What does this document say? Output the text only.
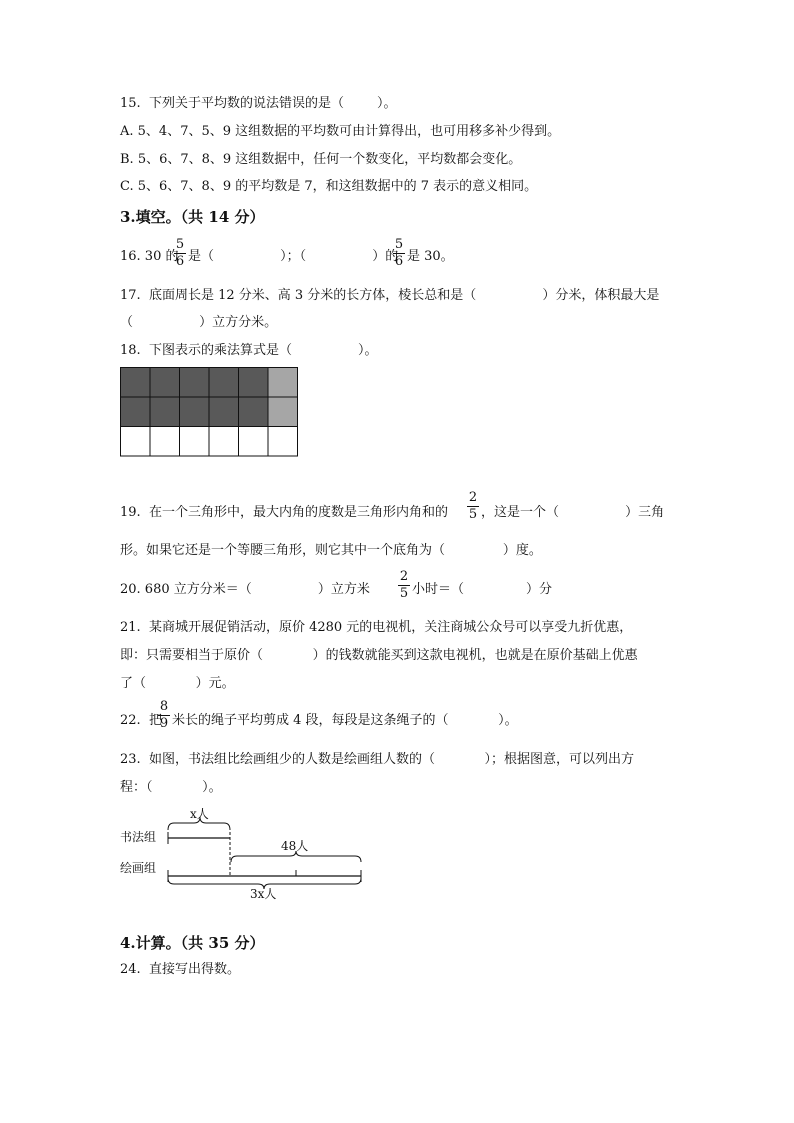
15.  下列关于平均数的说法错误的是（        ）。
A. 5、4、7、5、9 这组数据的平均数可由计算得出，也可用移多补少得到。
B. 5、6、7、8、9 这组数据中，任何一个数变化，平均数都会变化。
C. 5、6、7、8、9 的平均数是 7，和这组数据中的 7 表示的意义相同。
3.填空。（共 14 分）
16. 30 的
5
6 是（                ）；（                ）的
5
6 是 30。
17.  底面周长是 12 分米、高 3 分米的长方体，棱长总和是（                ）分米，体积最大是
（                ）立方分米。
18.  下图表示的乘法算式是（                ）。
19.  在一个三角形中，最大内角的度数是三角形内角和的
2
5 ，这是一个（                ）三角
形。如果它还是一个等腰三角形，则它其中一个底角为（              ）度。
20. 680 立方分米＝（                ）立方米
2
5 小时＝（               ）分
21.  某商城开展促销活动，原价 4280 元的电视机，关注商城公众号可以享受九折优惠，
即：只需要相当于原价（            ）的钱数就能买到这款电视机，也就是在原价基础上优惠
了（            ）元。
22.  把
8
9 米长的绳子平均剪成 4 段，每段是这条绳子的（            ）。
23.  如图，书法组比绘画组少的人数是绘画组人数的（            ）；根据图意，可以列出方
程：（            ）。
x人
书法组
48人
绘画组
3x人
4.计算。（共 35 分）
24.  直接写出得数。
